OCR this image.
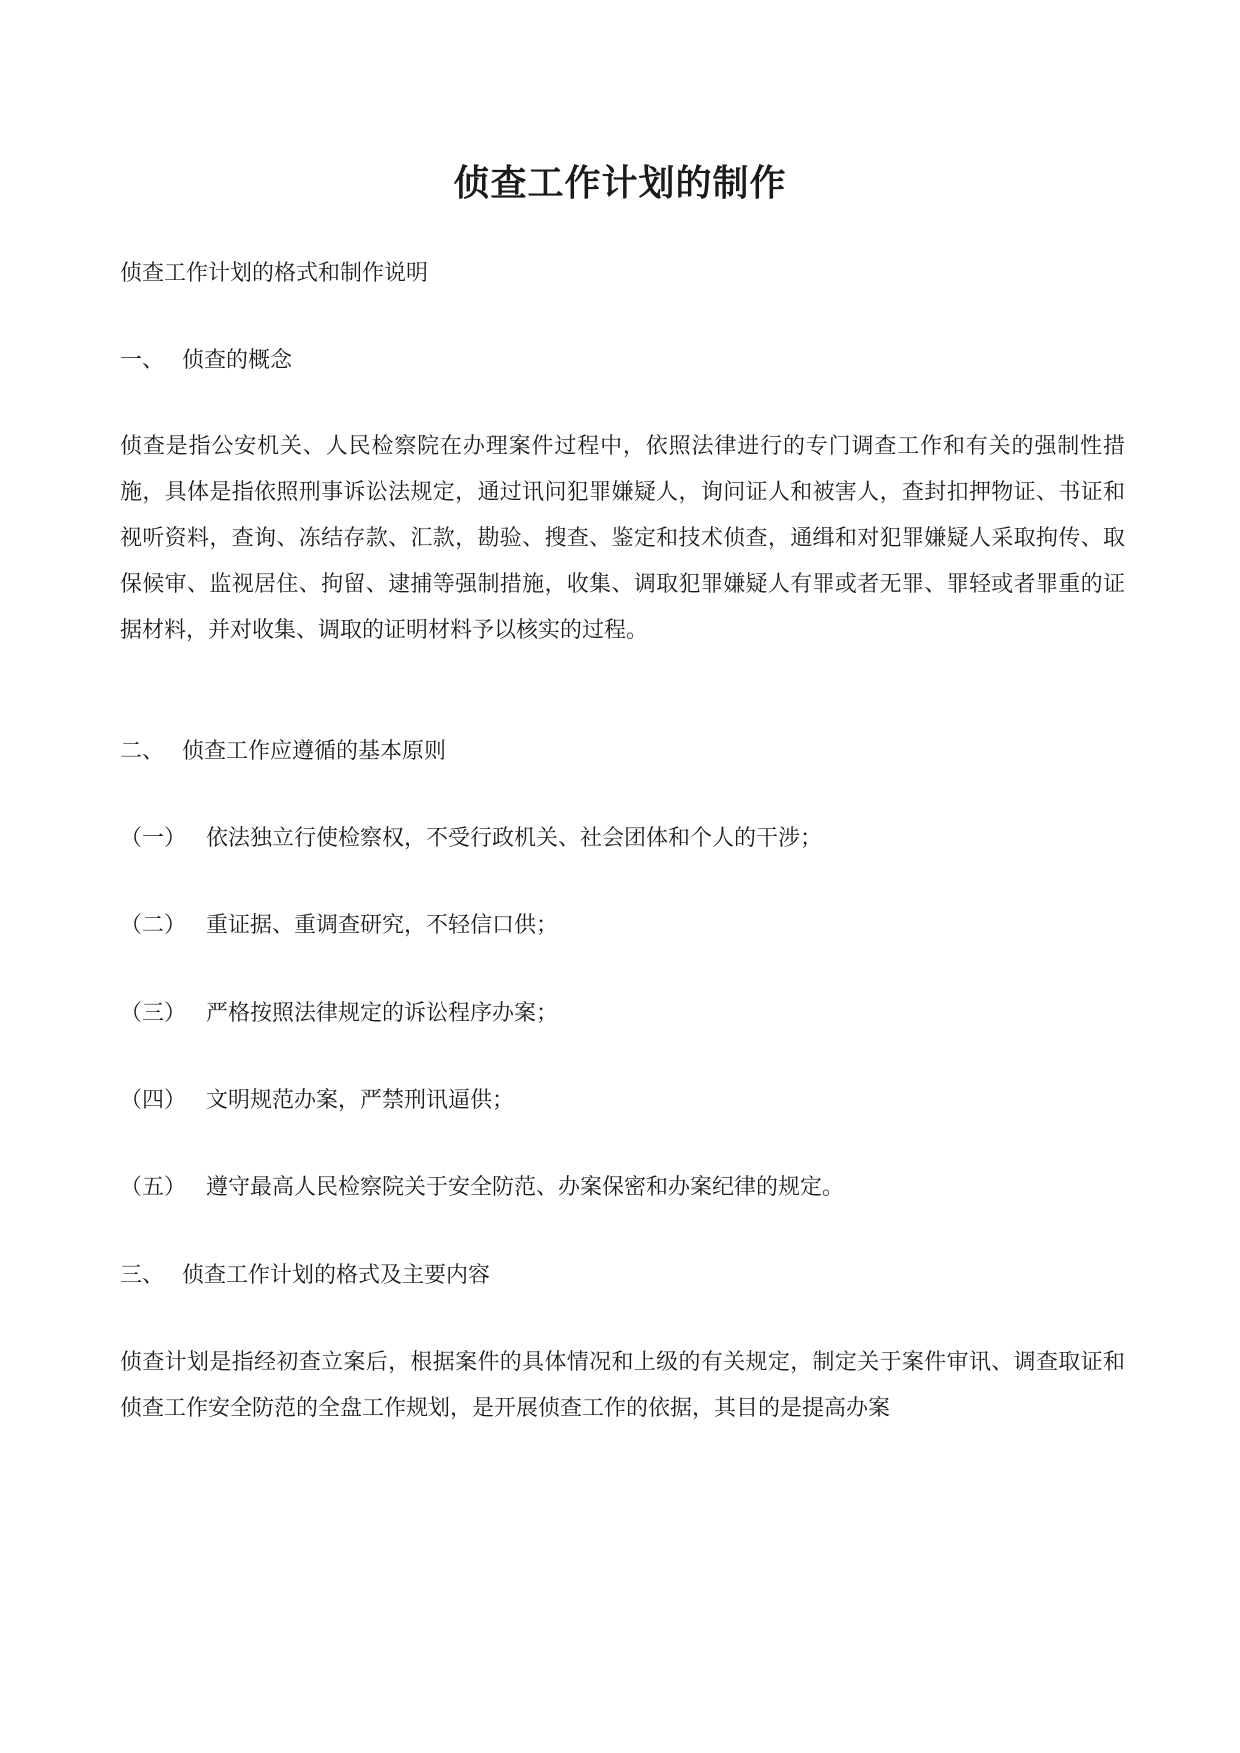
侦查工作计划的制作
侦查工作计划的格式和制作说明
一、 侦查的概念

侦查是指公安机关、人民检察院在办理案件过程中，依照法律进行的专门调查工作和有关的强制性措施，具体是指依照刑事诉讼法规定，通过讯问犯罪嫌疑人，询问证人和被害人，查封扣押物证、书证和视听资料，查询、冻结存款、汇款，勘验、搜查、鉴定和技术侦查，通缉和对犯罪嫌疑人采取拘传、取保候审、监视居住、拘留、逮捕等强制措施，收集、调取犯罪嫌疑人有罪或者无罪、罪轻或者罪重的证据材料，并对收集、调取的证明材料予以核实的过程。

二、 侦查工作应遵循的基本原则
（一） 依法独立行使检察权，不受行政机关、社会团体和个人的干涉；
（二） 重证据、重调查研究，不轻信口供；
（三） 严格按照法律规定的诉讼程序办案；
（四） 文明规范办案，严禁刑讯逼供；
（五） 遵守最高人民检察院关于安全防范、办案保密和办案纪律的规定。
三、 侦查工作计划的格式及主要内容

侦查计划是指经初查立案后，根据案件的具体情况和上级的有关规定，制定关于案件审讯、调查取证和侦查工作安全防范的全盘工作规划，是开展侦查工作的依据，其目的是提高办案
